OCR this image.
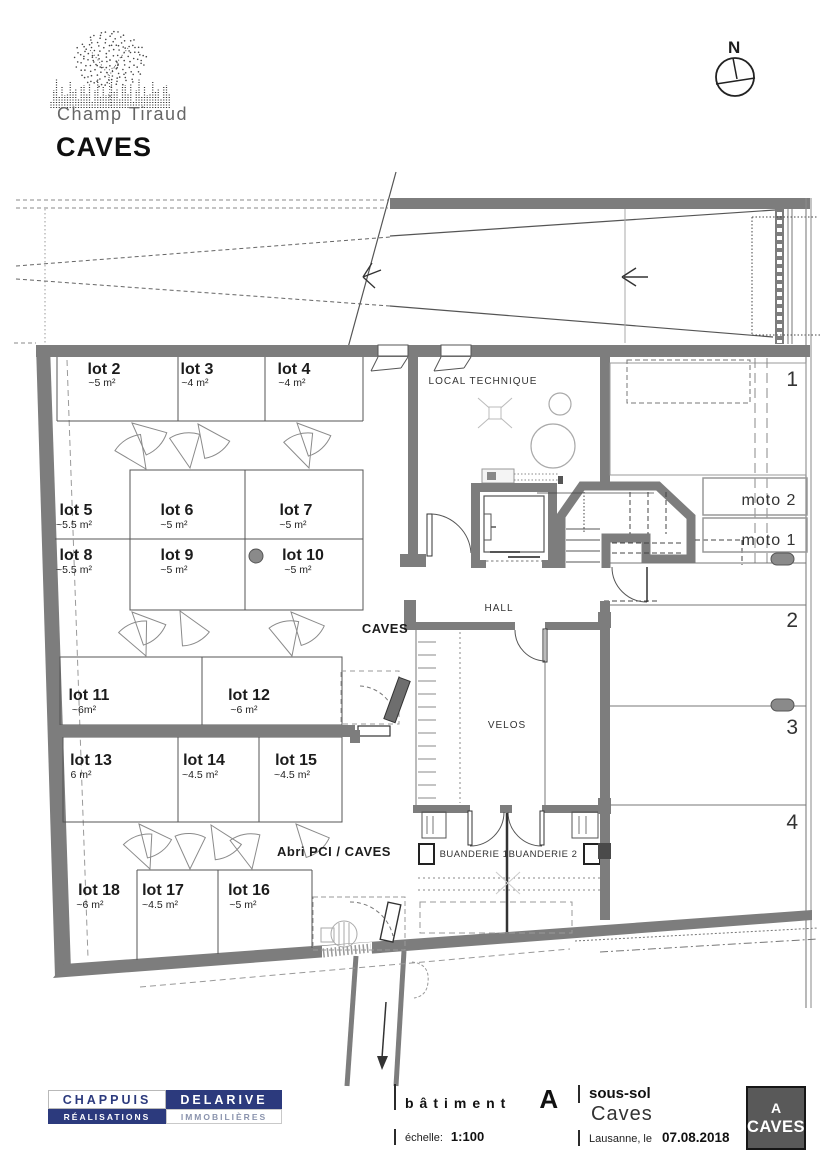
lot 2
~5 m²
lot 3
~4 m²
lot 4
~4 m²
lot 5
~5.5 m²
lot 6
~5 m²
lot 7
~5 m²
lot 8
~5.5 m²
lot 9
~5 m²
lot 10
~5 m²
lot 11
~6m²
lot 12
~6 m²
lot 13
6 m²
lot 14
~4.5 m²
lot 15
~4.5 m²
lot 16
~5 m²
lot 17
~4.5 m²
lot 18
~6 m²
LOCAL TECHNIQUE
CAVES
HALL
VELOS
BUANDERIE 1 BUANDERIE 2
Abri PCI / CAVES
moto 2
moto 1
1
2
3
4
N
Champ Tiraud
CAVES
CHAPPUIS	DELARIVE
RÉALISATIONS	IMMOBILIÈRES
bâtiment A
échelle: 1:100
sous-sol
Caves
Lausanne, le 07.08.2018
A
CAVES
